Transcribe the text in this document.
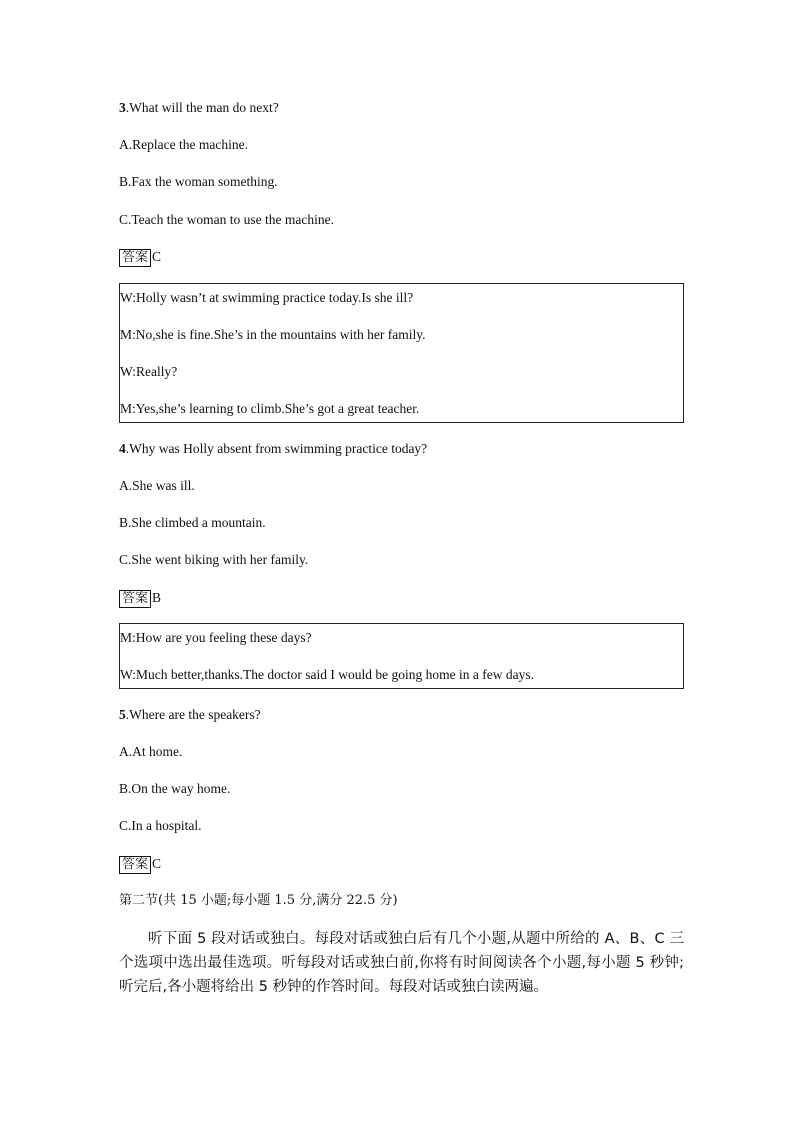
3.What will the man do next?
A.Replace the machine.
B.Fax the woman something.
C.Teach the woman to use the machine.
答案 C
W:Holly wasn’t at swimming practice today.Is she ill?
M:No,she is fine.She’s in the mountains with her family.
W:Really?
M:Yes,she’s learning to climb.She’s got a great teacher.
4.Why was Holly absent from swimming practice today?
A.She was ill.
B.She climbed a mountain.
C.She went biking with her family.
答案 B
M:How are you feeling these days?
W:Much better,thanks.The doctor said I would be going home in a few days.
5.Where are the speakers?
A.At home.
B.On the way home.
C.In a hospital.
答案 C
第二节(共 15 小题;每小题 1.5 分,满分 22.5 分)
听下面 5 段对话或独白。每段对话或独白后有几个小题,从题中所给的 A、B、C 三个选项中选出最佳选项。听每段对话或独白前,你将有时间阅读各个小题,每小题 5 秒钟;听完后,各小题将给出 5 秒钟的作答时间。每段对话或独白读两遍。
